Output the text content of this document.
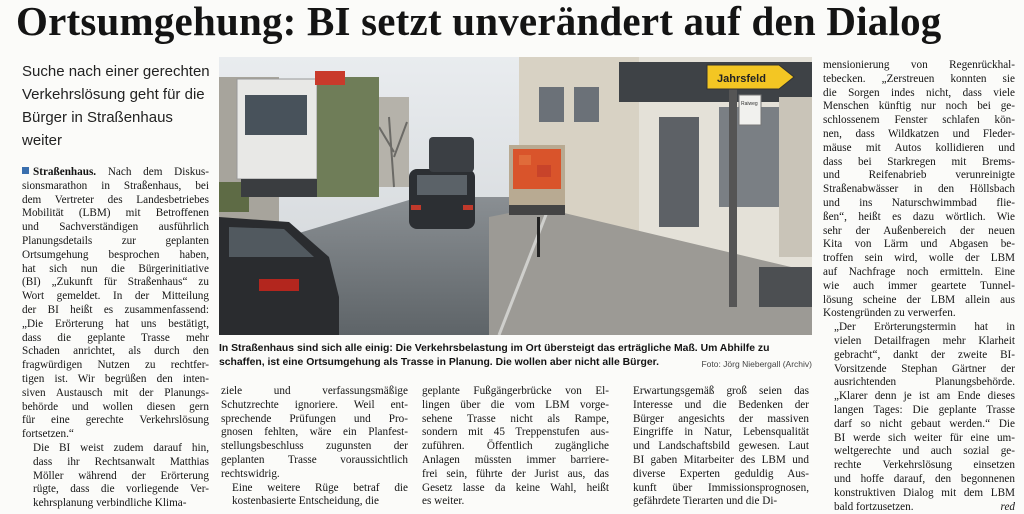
Ortsumgehung: BI setzt unverändert auf den Dialog
Suche nach einer gerechten Verkehrslösung geht für die Bürger in Straßenhaus weiter

Straßenhaus. Nach dem Diskus-
sionsmarathon in Straßenhaus, bei
dem Vertreter des Landesbetriebes
Mobilität (LBM) mit Betroffenen
und Sachverständigen ausführlich
Planungsdetails zur geplanten
Ortsumgehung besprochen haben,
hat sich nun die Bürgerinitiative
(BI) „Zukunft für Straßenhaus“ zu
Wort gemeldet. In der Mitteilung
der BI heißt es zusammenfassend:
„Die Erörterung hat uns bestätigt,
dass die geplante Trasse mehr
Schaden anrichtet, als durch den
fragwürdigen Nutzen zu rechtfer-
tigen ist. Wir begrüßen den inten-
siven Austausch mit der Planungs-
behörde und wollen diesen gern
für eine gerechte Verkehrslösung
fortsetzen.“

Die BI weist zudem darauf hin,
dass ihr Rechtsanwalt Matthias
Möller während der Erörterung
rügte, dass die vorliegende Ver-
kehrsplanung verbindliche Klima-

ziele und verfassungsmäßige
Schutzrechte ignoriere. Weil ent-
sprechende Prüfungen und Pro-
gnosen fehlten, wäre ein Planfest-
stellungsbeschluss zugunsten der
geplanten Trasse voraussichtlich
rechtswidrig.

Eine weitere Rüge betraf die
kostenbasierte Entscheidung, die

geplante Fußgängerbrücke von El-
lingen über die vom LBM vorge-
sehene Trasse nicht als Rampe,
sondern mit 45 Treppenstufen aus-
zuführen. Öffentlich zugängliche
Anlagen müssten immer barriere-
frei sein, führte der Jurist aus, das
Gesetz lasse da keine Wahl, heißt
es weiter.

Erwartungsgemäß groß seien das
Interesse und die Bedenken der
Bürger angesichts der massiven
Eingriffe in Natur, Lebensqualität
und Landschaftsbild gewesen. Laut
BI gaben Mitarbeiter des LBM und
diverse Experten geduldig Aus-
kunft über Immissionsprognosen,
gefährdete Tierarten und die Di-

mensionierung von Regenrückhal-
tebecken. „Zerstreuen konnten sie
die Sorgen indes nicht, dass viele
Menschen künftig nur noch bei ge-
schlossenem Fenster schlafen kön-
nen, dass Wildkatzen und Fleder-
mäuse mit Autos kollidieren und
dass bei Starkregen mit Brems-
und Reifenabrieb verunreinigte
Straßenabwässer in den Höllsbach
und ins Naturschwimmbad flie-
ßen“, heißt es dazu wörtlich. Wie
sehr der Außenbereich der neuen
Kita von Lärm und Abgasen be-
troffen sein wird, wolle der LBM
auf Nachfrage noch ermitteln. Eine
wie auch immer geartete Tunnel-
lösung scheine der LBM allein aus
Kostengründen zu verwerfen.

„Der Erörterungstermin hat in
vielen Detailfragen mehr Klarheit
gebracht“, dankt der zweite BI-
Vorsitzende Stephan Gärtner der
ausrichtenden Planungsbehörde.
„Klarer denn je ist am Ende dieses
langen Tages: Die geplante Trasse
darf so nicht gebaut werden.“ Die
BI werde sich weiter für eine um-
weltgerechte und auch sozial ge-
rechte Verkehrslösung einsetzen
und hoffe darauf, den begonnenen
konstruktiven Dialog mit dem LBM
bald fortzusetzen.	red

Jahrsfeld
Raiweg
In Straßenhaus sind sich alle einig: Die Verkehrsbelastung im Ort übersteigt das erträgliche Maß. Um Abhilfe zu schaffen, ist eine Ortsumgehung als Trasse in Planung. Die wollen aber nicht alle Bürger.	Foto: Jörg Niebergall (Archiv)
